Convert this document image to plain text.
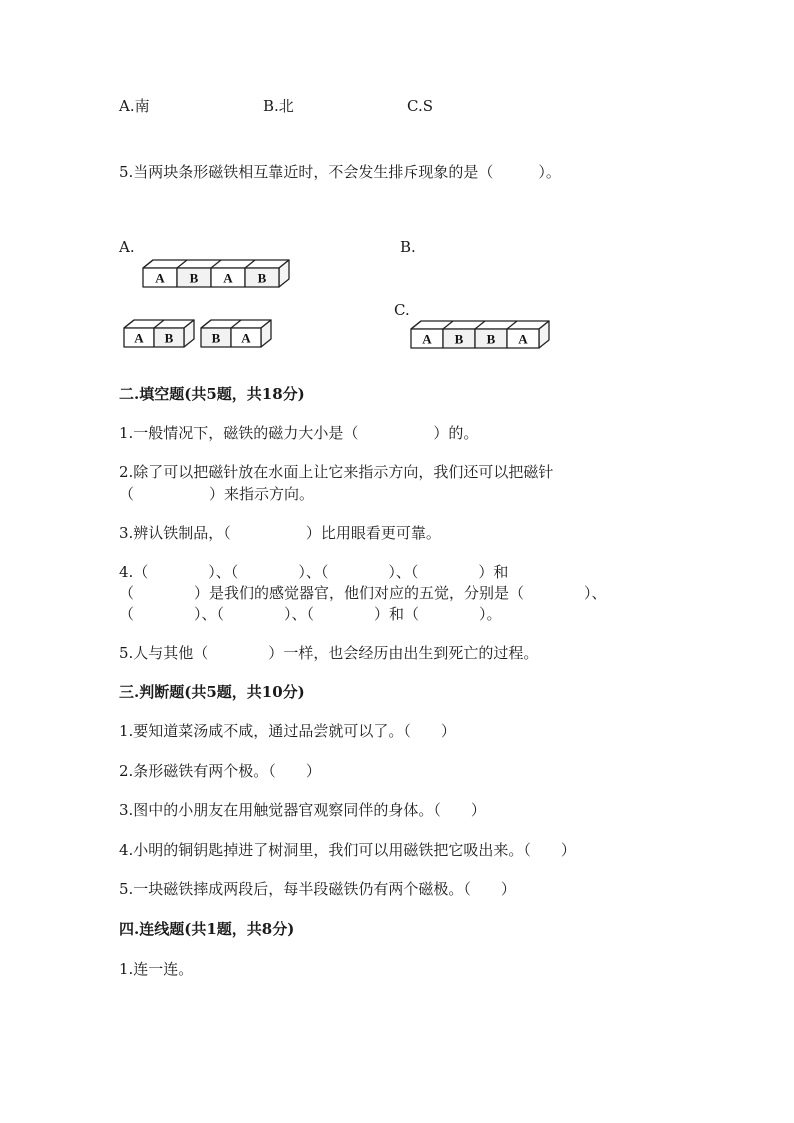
A.南	B.北	C.S
5.当两块条形磁铁相互靠近时，不会发生排斥现象的是（　　　）。
A.	B.
C.
A B A B
A B	B A	A B B A
二.填空题(共5题，共18分)
1.一般情况下，磁铁的磁力大小是（　　　　　）的。
2.除了可以把磁针放在水面上让它来指示方向，我们还可以把磁针
（　　　　　）来指示方向。
3.辨认铁制品，（　　　　　）比用眼看更可靠。
4.（　　　　）、（　　　　）、（　　　　）、（　　　　）和
（　　　　）是我们的感觉器官，他们对应的五觉，分别是（　　　　）、
（　　　　）、（　　　　）、（　　　　）和（　　　　）。
5.人与其他（　　　　）一样，也会经历由出生到死亡的过程。
三.判断题(共5题，共10分)
1.要知道菜汤咸不咸，通过品尝就可以了。（　　）
2.条形磁铁有两个极。（　　）
3.图中的小朋友在用触觉器官观察同伴的身体。（　　）
4.小明的铜钥匙掉进了树洞里，我们可以用磁铁把它吸出来。（　　）
5.一块磁铁摔成两段后，每半段磁铁仍有两个磁极。（　　）
四.连线题(共1题，共8分)
1.连一连。
